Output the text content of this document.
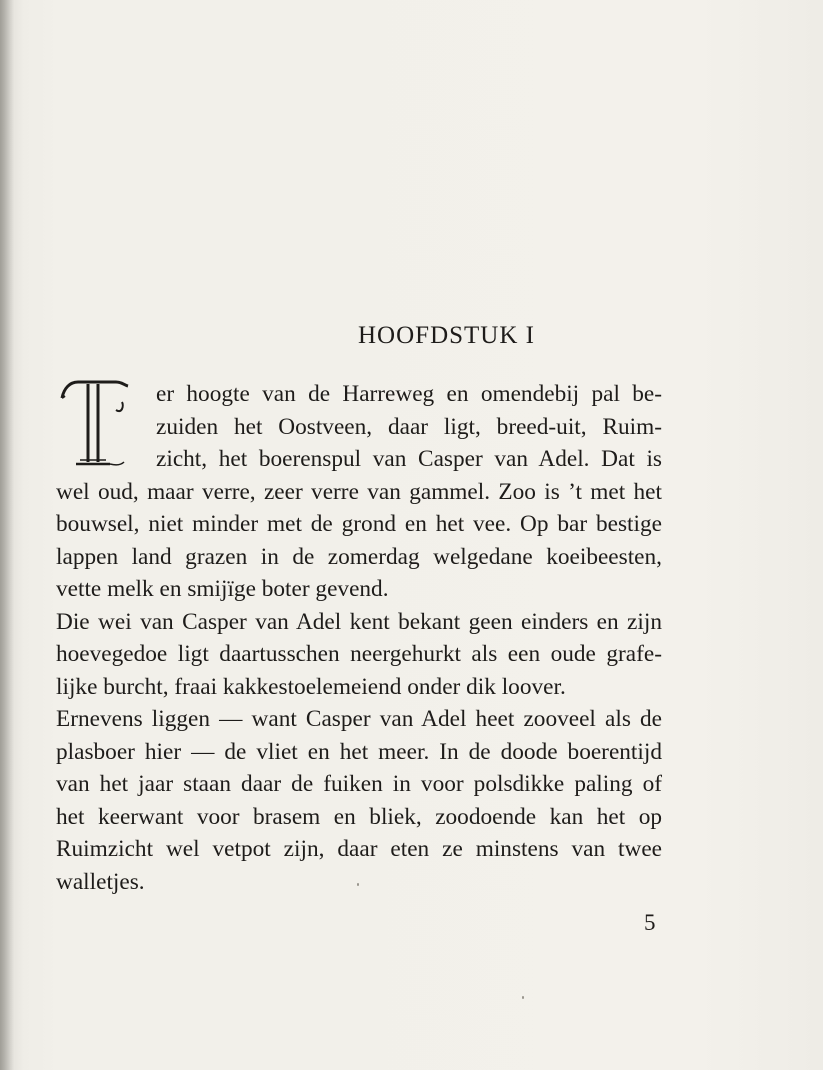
HOOFDSTUK I
er hoogte van de Harreweg en omendebij pal be-
zuiden het Oostveen, daar ligt, breed-uit, Ruim-
zicht, het boerenspul van Casper van Adel. Dat is
wel oud, maar verre, zeer verre van gammel. Zoo is ’t met het
bouwsel, niet minder met de grond en het vee. Op bar bestige
lappen land grazen in de zomerdag welgedane koeibeesten,
vette melk en smijïge boter gevend.
Die wei van Casper van Adel kent bekant geen einders en zijn
hoevegedoe ligt daartusschen neergehurkt als een oude grafe-
lijke burcht, fraai kakkestoelemeiend onder dik loover.
Ernevens liggen — want Casper van Adel heet zooveel als de
plasboer hier — de vliet en het meer. In de doode boerentijd
van het jaar staan daar de fuiken in voor polsdikke paling of
het keerwant voor brasem en bliek, zoodoende kan het op
Ruimzicht wel vetpot zijn, daar eten ze minstens van twee
walletjes.
5
